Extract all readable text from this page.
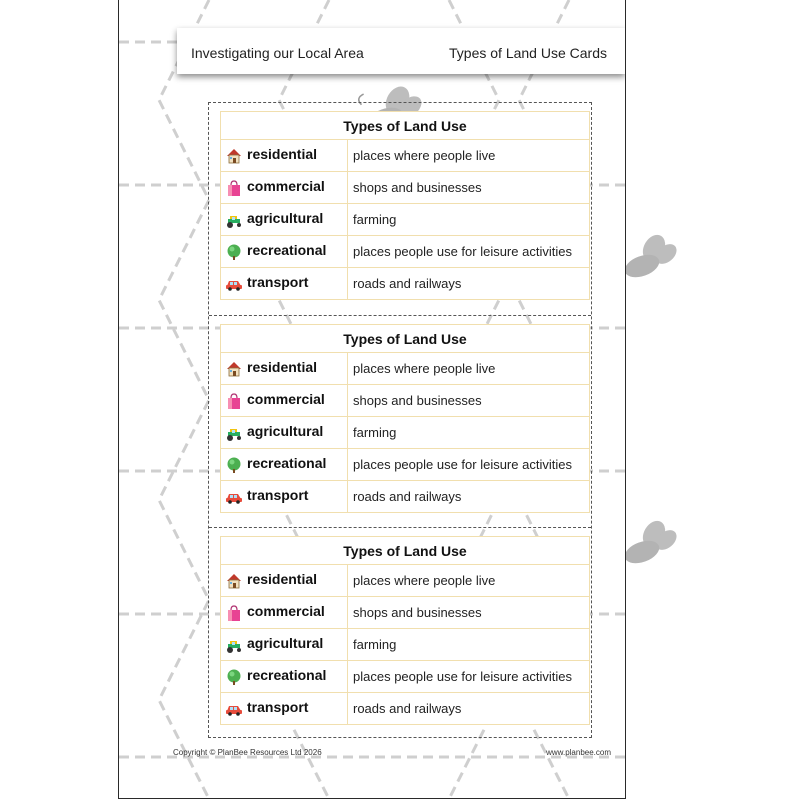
Investigating our Local Area	Types of Land Use Cards
Types of Land Use	

residential	places where people live

commercial	shops and businesses

agricultural	farming

recreational	places people use for leisure activities

transport	roads and railways
Types of Land Use	

residential	places where people live

commercial	shops and businesses

agricultural	farming

recreational	places people use for leisure activities

transport	roads and railways
Types of Land Use	

residential	places where people live

commercial	shops and businesses

agricultural	farming

recreational	places people use for leisure activities

transport	roads and railways
Copyright © PlanBee Resources Ltd 2026	www.planbee.com
